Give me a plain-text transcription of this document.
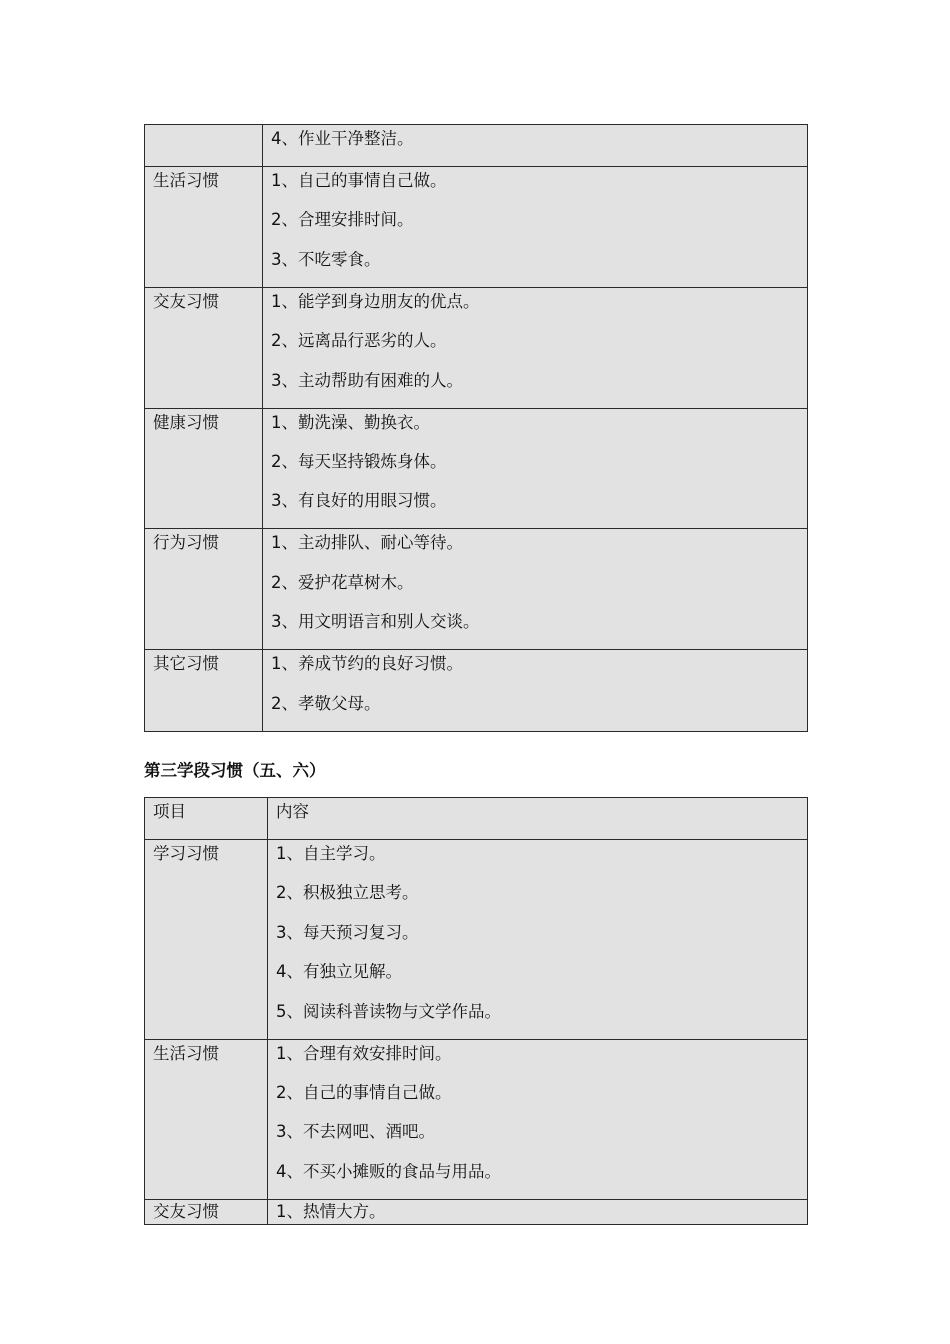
	4、作业干净整洁。

生活习惯	1、自己的事情自己做。
2、合理安排时间。
3、不吃零食。

交友习惯	1、能学到身边朋友的优点。
2、远离品行恶劣的人。
3、主动帮助有困难的人。

健康习惯	1、勤洗澡、勤换衣。
2、每天坚持锻炼身体。
3、有良好的用眼习惯。

行为习惯	1、主动排队、耐心等待。
2、爱护花草树木。
3、用文明语言和别人交谈。

其它习惯	1、养成节约的良好习惯。
2、孝敬父母。
第三学段习惯（五、六）
项目	内容

学习习惯	1、自主学习。
2、积极独立思考。
3、每天预习复习。
4、有独立见解。
5、阅读科普读物与文学作品。

生活习惯	1、合理有效安排时间。
2、自己的事情自己做。
3、不去网吧、酒吧。
4、不买小摊贩的食品与用品。

交友习惯	1、热情大方。
